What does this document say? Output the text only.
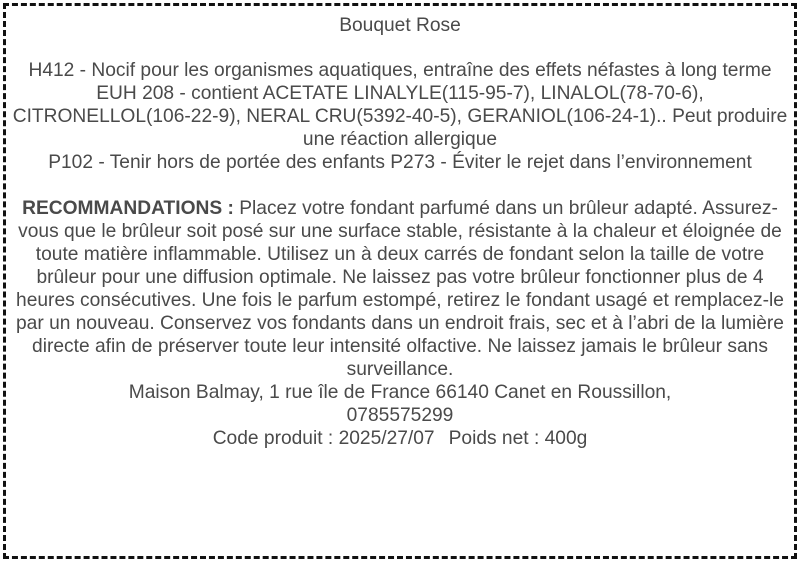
Bouquet Rose

H412 - Nocif pour les organismes aquatiques, entraîne des effets néfastes à long terme

EUH 208 - contient ACETATE LINALYLE(115-95-7), LINALOL(78-70-6), CITRONELLOL(106-22-9), NERAL CRU(5392-40-5), GERANIOL(106-24-1).. Peut produire une réaction allergique

P102 - Tenir hors de portée des enfants P273 - Éviter le rejet dans l’environnement

RECOMMANDATIONS : Placez votre fondant parfumé dans un brûleur adapté. Assurez-vous que le brûleur soit posé sur une surface stable, résistante à la chaleur et éloignée de toute matière inflammable. Utilisez un à deux carrés de fondant selon la taille de votre brûleur pour une diffusion optimale. Ne laissez pas votre brûleur fonctionner plus de 4 heures consécutives. Une fois le parfum estompé, retirez le fondant usagé et remplacez-le par un nouveau. Conservez vos fondants dans un endroit frais, sec et à l’abri de la lumière directe afin de préserver toute leur intensité olfactive. Ne laissez jamais le brûleur sans surveillance.

Maison Balmay, 1 rue île de France 66140 Canet en Roussillon,

0785575299

Code produit : 2025/27/07 Poids net : 400g
